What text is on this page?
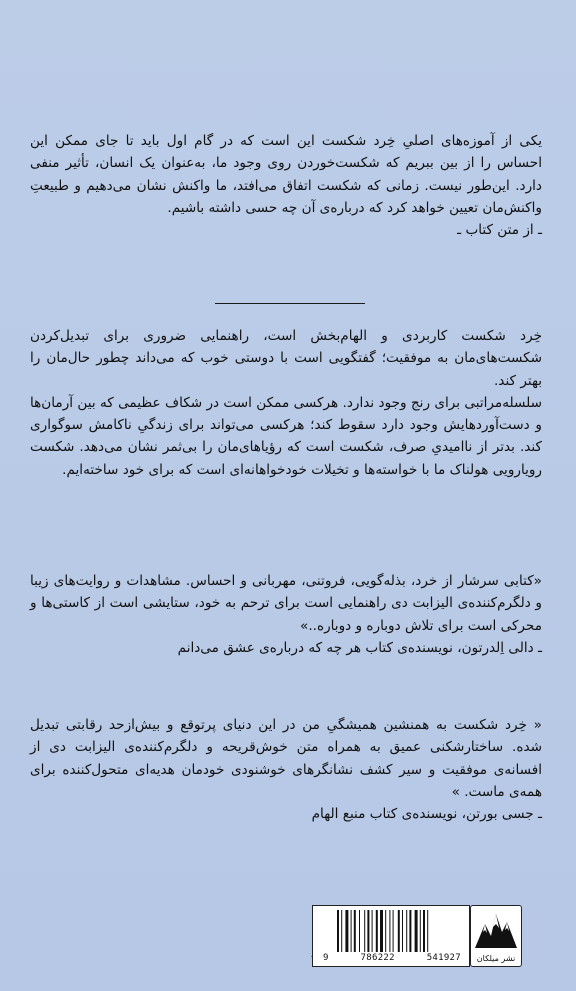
یکی از آموزه‌های اصلیِ خِرد شکست این است که در گام اول باید تا جای ممکن این احساس را از بین ببریم که شکست‌خوردن روی وجود ما، به‌عنوان یک انسان، تأثیر منفی دارد. این‌طور نیست. زمانی که شکست اتفاق می‌افتد، ما واکنش نشان می‌دهیم و طبیعتِ واکنش‌مان تعیین خواهد کرد که درباره‌ی آن چه حسی داشته باشیم.

ـ از متن کتاب ـ

خِرد شکست کاربردی و الهام‌بخش است، راهنمایی ضروری برای تبدیل‌کردن شکست‌های‌مان به موفقیت؛ گفتگویی است با دوستی خوب که می‌داند چطور حال‌مان را بهتر کند.

سلسله‌مراتبی برای رنج وجود ندارد. هرکسی ممکن است در شکاف عظیمی که بین آرمان‌ها و دست‌آوردهایش وجود دارد سقوط کند؛ هرکسی می‌تواند برای زندگیِ ناکامش سوگواری کند. بدتر از ناامیدیِ صرف، شکست است که رؤیاهای‌مان را بی‌ثمر نشان می‌دهد. شکست رویارویی هولناک ما با خواسته‌ها و تخیلات خودخواهانه‌ای است که برای خود ساخته‌ایم.

«کتابی سرشار از خرد، بذله‌گویی، فروتنی، مهربانی و احساس. مشاهدات و روایت‌های زیبا و دلگرم‌کننده‌ی الیزابت دی راهنمایی است برای ترحم به خود، ستایشی است از کاستی‌ها و محرکی است برای تلاش دوباره و دوباره..»

ـ دالی اِلدرتون، نویسنده‌ی کتاب هر چه که درباره‌ی عشق می‌دانم

« خِرد شکست به همنشین همیشگیِ من در این دنیای پرتوقع و بیش‌ازحد رقابتی تبدیل شده. ساختارشکنی عمیق به همراه متن خوش‌قریحه و دلگرم‌کننده‌ی الیزابت دی از افسانه‌ی موفقیت و سیر کشف نشانگرهای خوشنودی خودمان هدیه‌ای متحول‌کننده برای همه‌ی ماست. »

ـ جسی بورتن، نویسنده‌ی کتاب منبع الهام
9	786222	541927	نشر میلکان
